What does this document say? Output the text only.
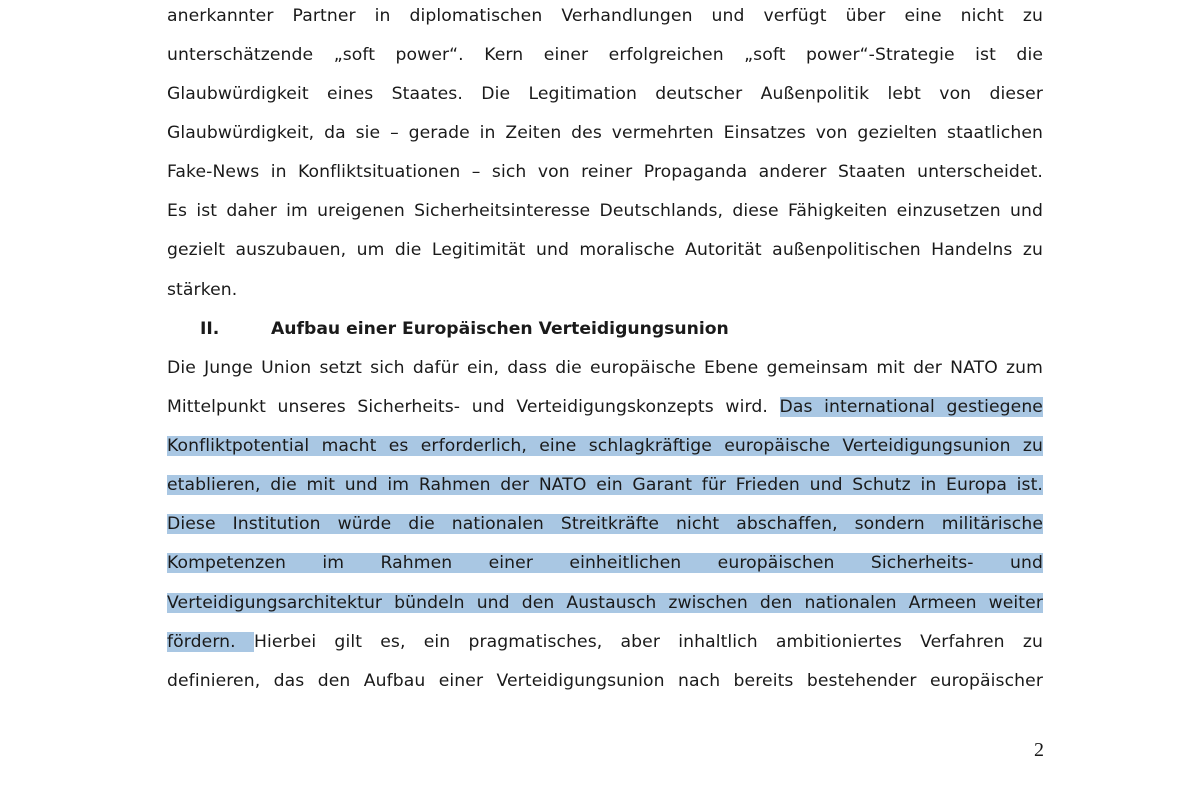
anerkannter Partner in diplomatischen Verhandlungen und verfügt über eine nicht zu
unterschätzende „soft power“. Kern einer erfolgreichen „soft power“-Strategie ist die
Glaubwürdigkeit eines Staates. Die Legitimation deutscher Außenpolitik lebt von dieser
Glaubwürdigkeit, da sie – gerade in Zeiten des vermehrten Einsatzes von gezielten staatlichen
Fake-News in Konfliktsituationen – sich von reiner Propaganda anderer Staaten unterscheidet.
Es ist daher im ureigenen Sicherheitsinteresse Deutschlands, diese Fähigkeiten einzusetzen und
gezielt auszubauen, um die Legitimität und moralische Autorität außenpolitischen Handelns zu
stärken.
II.	Aufbau einer Europäischen Verteidigungsunion
Die Junge Union setzt sich dafür ein, dass die europäische Ebene gemeinsam mit der NATO zum
Mittelpunkt unseres Sicherheits- und Verteidigungskonzepts wird. Das international gestiegene
Konfliktpotential macht es erforderlich, eine schlagkräftige europäische Verteidigungsunion zu
etablieren, die mit und im Rahmen der NATO ein Garant für Frieden und Schutz in Europa ist.
Diese Institution würde die nationalen Streitkräfte nicht abschaffen, sondern militärische
Kompetenzen im Rahmen einer einheitlichen europäischen Sicherheits- und
Verteidigungsarchitektur bündeln und den Austausch zwischen den nationalen Armeen weiter
fördern. Hierbei gilt es, ein pragmatisches, aber inhaltlich ambitioniertes Verfahren zu
definieren, das den Aufbau einer Verteidigungsunion nach bereits bestehender europäischer
2
